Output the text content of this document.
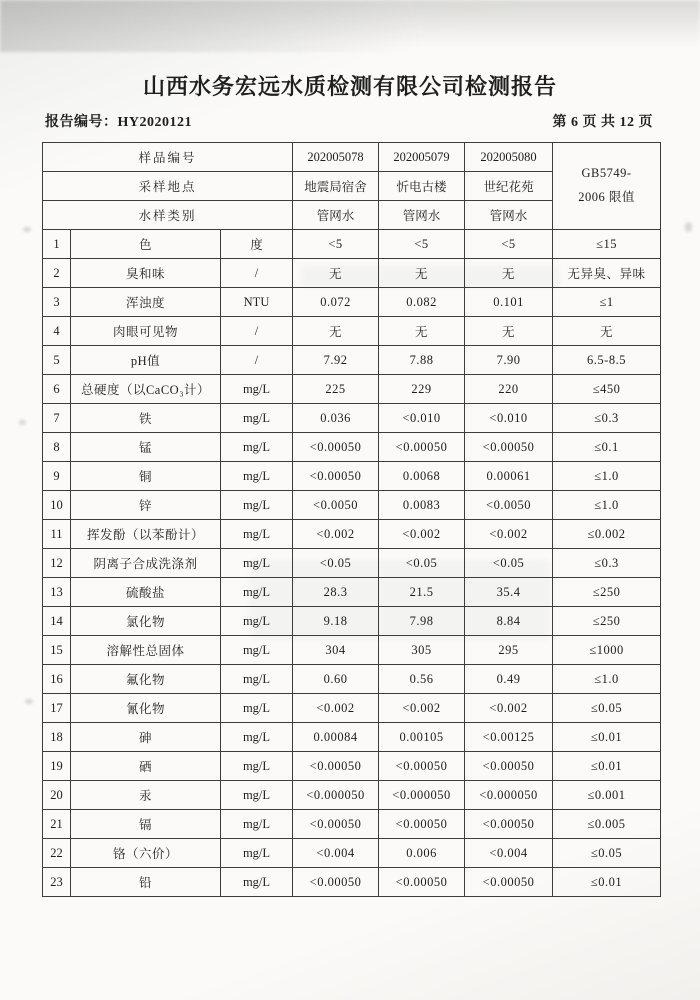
山西水务宏远水质检测有限公司检测报告
报告编号：HY2020121	第 6 页 共 12 页
样品编号			202005078	202005079	202005080	GB5749-
2006 限值

采样地点			地震局宿舍	忻电古楼	世纪花苑	
水样类别			管网水	管网水	管网水	
1	色	度	<5	<5	<5	≤15
2	臭和味	/	无	无	无	无异臭、异味
3	浑浊度	NTU	0.072	0.082	0.101	≤1
4	肉眼可见物	/	无	无	无	无
5	pH值	/	7.92	7.88	7.90	6.5-8.5
6	总硬度（以CaCO₃计）	mg/L	225	229	220	≤450
7	铁	mg/L	0.036	<0.010	<0.010	≤0.3
8	锰	mg/L	<0.00050	<0.00050	<0.00050	≤0.1
9	铜	mg/L	<0.00050	0.0068	0.00061	≤1.0
10	锌	mg/L	<0.0050	0.0083	<0.0050	≤1.0
11	挥发酚（以苯酚计）	mg/L	<0.002	<0.002	<0.002	≤0.002
12	阴离子合成洗涤剂	mg/L	<0.05	<0.05	<0.05	≤0.3
13	硫酸盐	mg/L	28.3	21.5	35.4	≤250
14	氯化物	mg/L	9.18	7.98	8.84	≤250
15	溶解性总固体	mg/L	304	305	295	≤1000
16	氟化物	mg/L	0.60	0.56	0.49	≤1.0
17	氰化物	mg/L	<0.002	<0.002	<0.002	≤0.05
18	砷	mg/L	0.00084	0.00105	<0.00125	≤0.01
19	硒	mg/L	<0.00050	<0.00050	<0.00050	≤0.01
20	汞	mg/L	<0.000050	<0.000050	<0.000050	≤0.001
21	镉	mg/L	<0.00050	<0.00050	<0.00050	≤0.005
22	铬（六价）	mg/L	<0.004	0.006	<0.004	≤0.05
23	铅	mg/L	<0.00050	<0.00050	<0.00050	≤0.01
